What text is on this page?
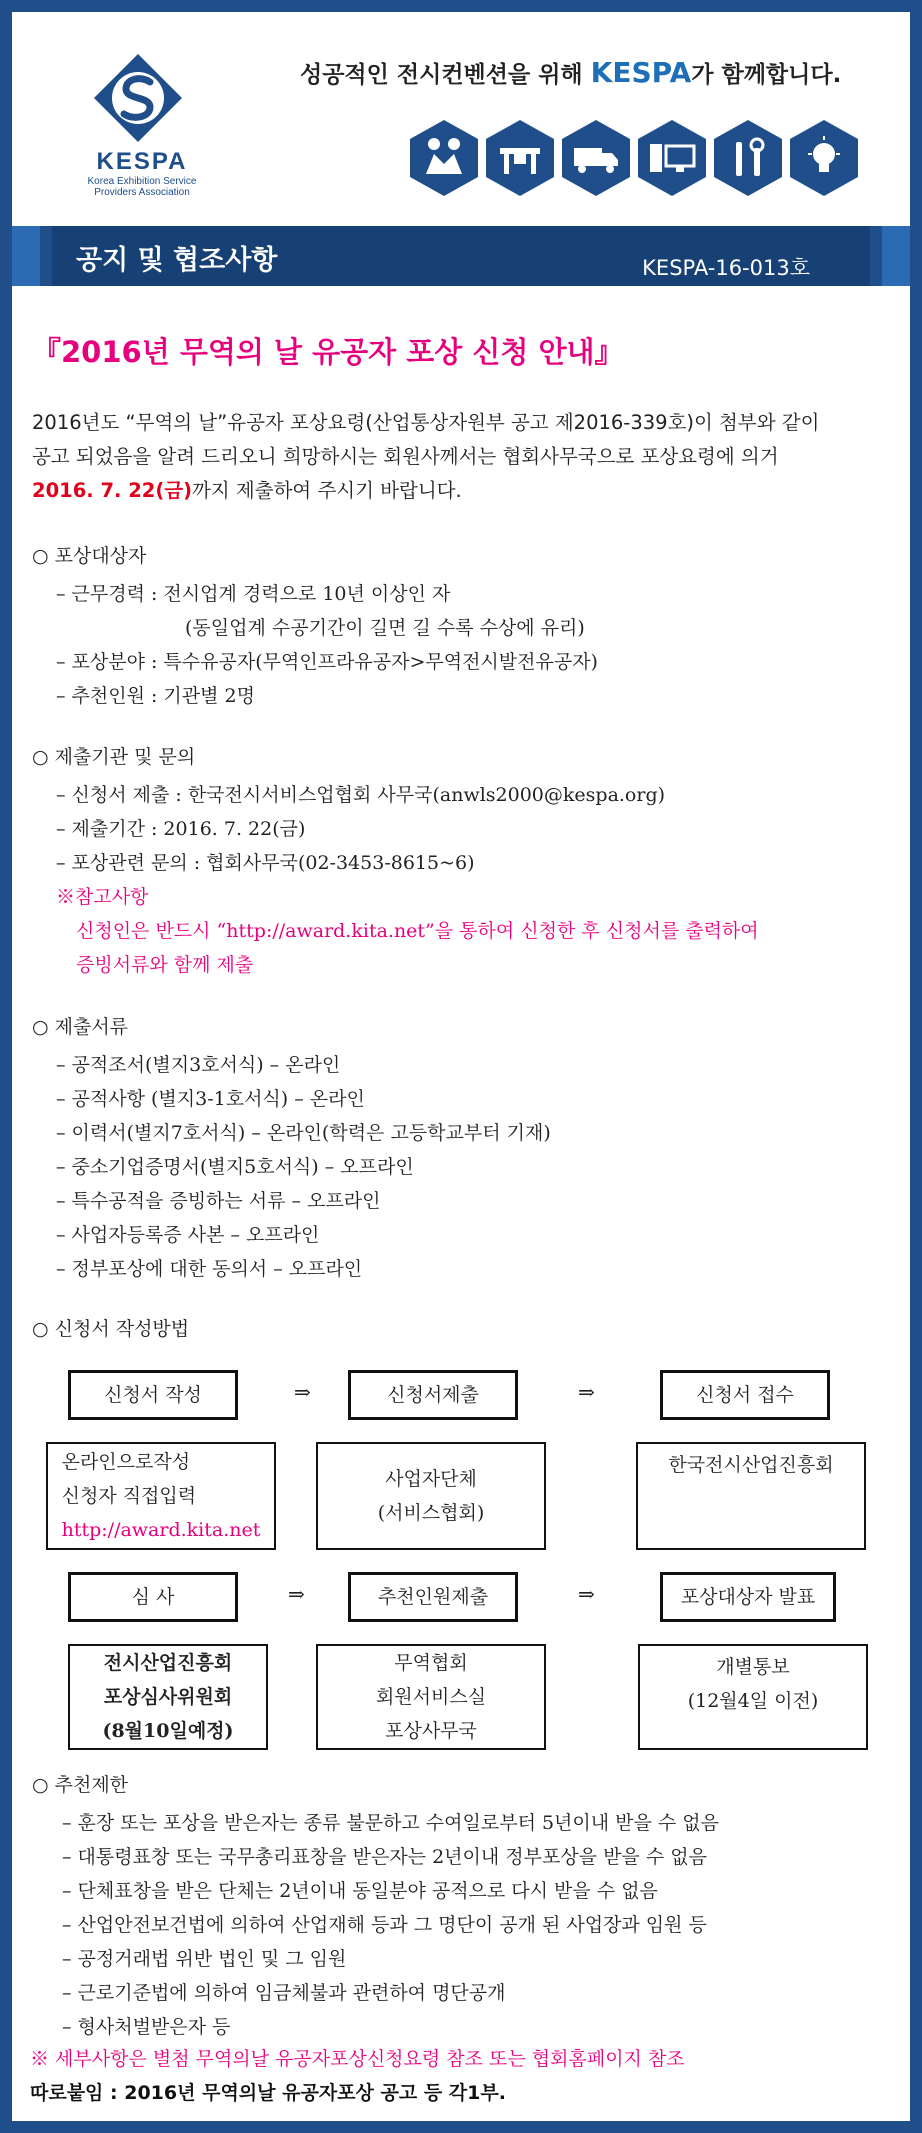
KESPA
Korea Exhibition Service
Providers Association
성공적인 전시컨벤션을 위해 KESPA가 함께합니다.
공지 및 협조사항	KESPA-16-013호
『2016년 무역의 날 유공자 포상 신청 안내』
2016년도 “무역의 날”유공자 포상요령(산업통상자원부 공고 제2016-339호)이 첨부와 같이
공고 되었음을 알려 드리오니 희망하시는 회원사께서는 협회사무국으로 포상요령에 의거
2016. 7. 22(금)까지 제출하여 주시기 바랍니다.
○ 포상대상자
– 근무경력 : 전시업계 경력으로 10년 이상인 자
(동일업계 수공기간이 길면 길 수록 수상에 유리)
– 포상분야 : 특수유공자(무역인프라유공자>무역전시발전유공자)
– 추천인원 : 기관별 2명
○ 제출기관 및 문의
– 신청서 제출 : 한국전시서비스업협회 사무국(anwls2000@kespa.org)
– 제출기간 : 2016. 7. 22(금)
– 포상관련 문의 : 협회사무국(02-3453-8615~6)
※참고사항
신청인은 반드시 “http://award.kita.net”을 통하여 신청한 후 신청서를 출력하여
증빙서류와 함께 제출
○ 제출서류
– 공적조서(별지3호서식) – 온라인
– 공적사항 (별지3-1호서식) – 온라인
– 이력서(별지7호서식) – 온라인(학력은 고등학교부터 기재)
– 중소기업증명서(별지5호서식) – 오프라인
– 특수공적을 증빙하는 서류 – 오프라인
– 사업자등록증 사본 – 오프라인
– 정부포상에 대한 동의서 – 오프라인
○ 신청서 작성방법
신청서 작성	⇒	신청서제출	⇒	신청서 접수
온라인으로작성
신청자 직접입력
http://award.kita.net
사업자단체
(서비스협회)
한국전시산업진흥회
심 사	⇒	추천인원제출	⇒	포상대상자 발표
전시산업진흥회
포상심사위원회
(8월10일예정)
무역협회
회원서비스실
포상사무국
개별통보
(12월4일 이전)
○ 추천제한
– 훈장 또는 포상을 받은자는 종류 불문하고 수여일로부터 5년이내 받을 수 없음
– 대통령표창 또는 국무총리표창을 받은자는 2년이내 정부포상을 받을 수 없음
– 단체표창을 받은 단체는 2년이내 동일분야 공적으로 다시 받을 수 없음
– 산업안전보건법에 의하여 산업재해 등과 그 명단이 공개 된 사업장과 임원 등
– 공정거래법 위반 법인 및 그 임원
– 근로기준법에 의하여 임금체불과 관련하여 명단공개
– 형사처벌받은자 등
※ 세부사항은 별첨 무역의날 유공자포상신청요령 참조 또는 협회홈페이지 참조
따로붙임 : 2016년 무역의날 유공자포상 공고 등 각1부.
